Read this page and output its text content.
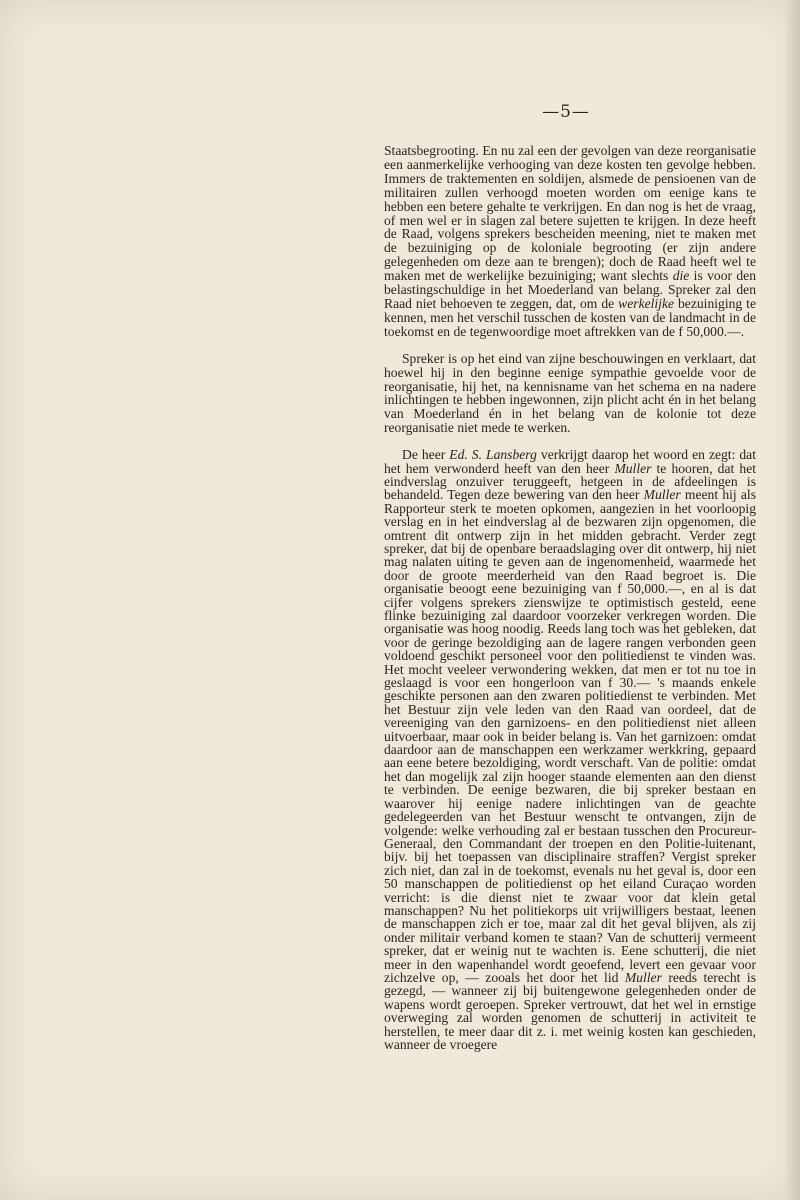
—5—

Staatsbegrooting. En nu zal een der gevolgen van deze reorganisatie een aanmerkelijke verhooging van deze kosten ten gevolge hebben. Immers de traktementen en soldijen, alsmede de pensioenen van de militairen zullen verhoogd moeten worden om eenige kans te hebben een betere gehalte te verkrijgen. En dan nog is het de vraag, of men wel er in slagen zal betere sujetten te krijgen. In deze heeft de Raad, volgens sprekers bescheiden meening, niet te maken met de bezuiniging op de koloniale begrooting (er zijn andere gelegenheden om deze aan te brengen); doch de Raad heeft wel te maken met de werkelijke bezuiniging; want slechts die is voor den belastingschuldige in het Moederland van belang. Spreker zal den Raad niet behoeven te zeggen, dat, om de werkelijke bezuiniging te kennen, men het verschil tusschen de kosten van de landmacht in de toekomst en de tegenwoordige moet aftrekken van de f 50,000.—.

Spreker is op het eind van zijne beschouwingen en verklaart, dat hoewel hij in den beginne eenige sympathie gevoelde voor de reorganisatie, hij het, na kennisname van het schema en na nadere inlichtingen te hebben ingewonnen, zijn plicht acht én in het belang van Moederland én in het belang van de kolonie tot deze reorganisatie niet mede te werken.

De heer Ed. S. Lansberg verkrijgt daarop het woord en zegt: dat het hem verwonderd heeft van den heer Muller te hooren, dat het eindverslag onzuiver teruggeeft, hetgeen in de afdeelingen is behandeld. Tegen deze bewering van den heer Muller meent hij als Rapporteur sterk te moeten opkomen, aangezien in het voorloopig verslag en in het eindverslag al de bezwaren zijn opgenomen, die omtrent dit ontwerp zijn in het midden gebracht. Verder zegt spreker, dat bij de openbare beraadslaging over dit ontwerp, hij niet mag nalaten uiting te geven aan de ingenomenheid, waarmede het door de groote meerderheid van den Raad begroet is. Die organisatie beoogt eene bezuiniging van f 50,000.—, en al is dat cijfer volgens sprekers zienswijze te optimistisch gesteld, eene flinke bezuiniging zal daardoor voorzeker verkregen worden. Die organisatie was hoog noodig. Reeds lang toch was het gebleken, dat voor de geringe bezoldiging aan de lagere rangen verbonden geen voldoend geschikt personeel voor den politiedienst te vinden was. Het mocht veeleer verwondering wekken, dat men er tot nu toe in geslaagd is voor een hongerloon van f 30.— 's maands enkele geschikte personen aan den zwaren politiedienst te verbinden. Met het Bestuur zijn vele leden van den Raad van oordeel, dat de vereeniging van den garnizoens- en den politiedienst niet alleen uitvoerbaar, maar ook in beider belang is. Van het garnizoen: omdat daardoor aan de manschappen een werkzamer werkkring, gepaard aan eene betere bezoldiging, wordt verschaft. Van de politie: omdat het dan mogelijk zal zijn hooger staande elementen aan den dienst te verbinden. De eenige bezwaren, die bij spreker bestaan en waarover hij eenige nadere inlichtingen van de geachte gedelegeerden van het Bestuur wenscht te ontvangen, zijn de volgende: welke verhouding zal er bestaan tusschen den Procureur-Generaal, den Commandant der troepen en den Politie-luitenant, bijv. bij het toepassen van disciplinaire straffen? Vergist spreker zich niet, dan zal in de toekomst, evenals nu het geval is, door een 50 manschappen de politiedienst op het eiland Curaçao worden verricht: is die dienst niet te zwaar voor dat klein getal manschappen? Nu het politiekorps uit vrijwilligers bestaat, leenen de manschappen zich er toe, maar zal dit het geval blijven, als zij onder militair verband komen te staan? Van de schutterij vermeent spreker, dat er weinig nut te wachten is. Eene schutterij, die niet meer in den wapenhandel wordt geoefend, levert een gevaar voor zichzelve op, — zooals het door het lid Muller reeds terecht is gezegd, — wanneer zij bij buitengewone gelegenheden onder de wapens wordt geroepen. Spreker vertrouwt, dat het wel in ernstige overweging zal worden genomen de schutterij in activiteit te herstellen, te meer daar dit z. i. met weinig kosten kan geschieden, wanneer de vroegere
